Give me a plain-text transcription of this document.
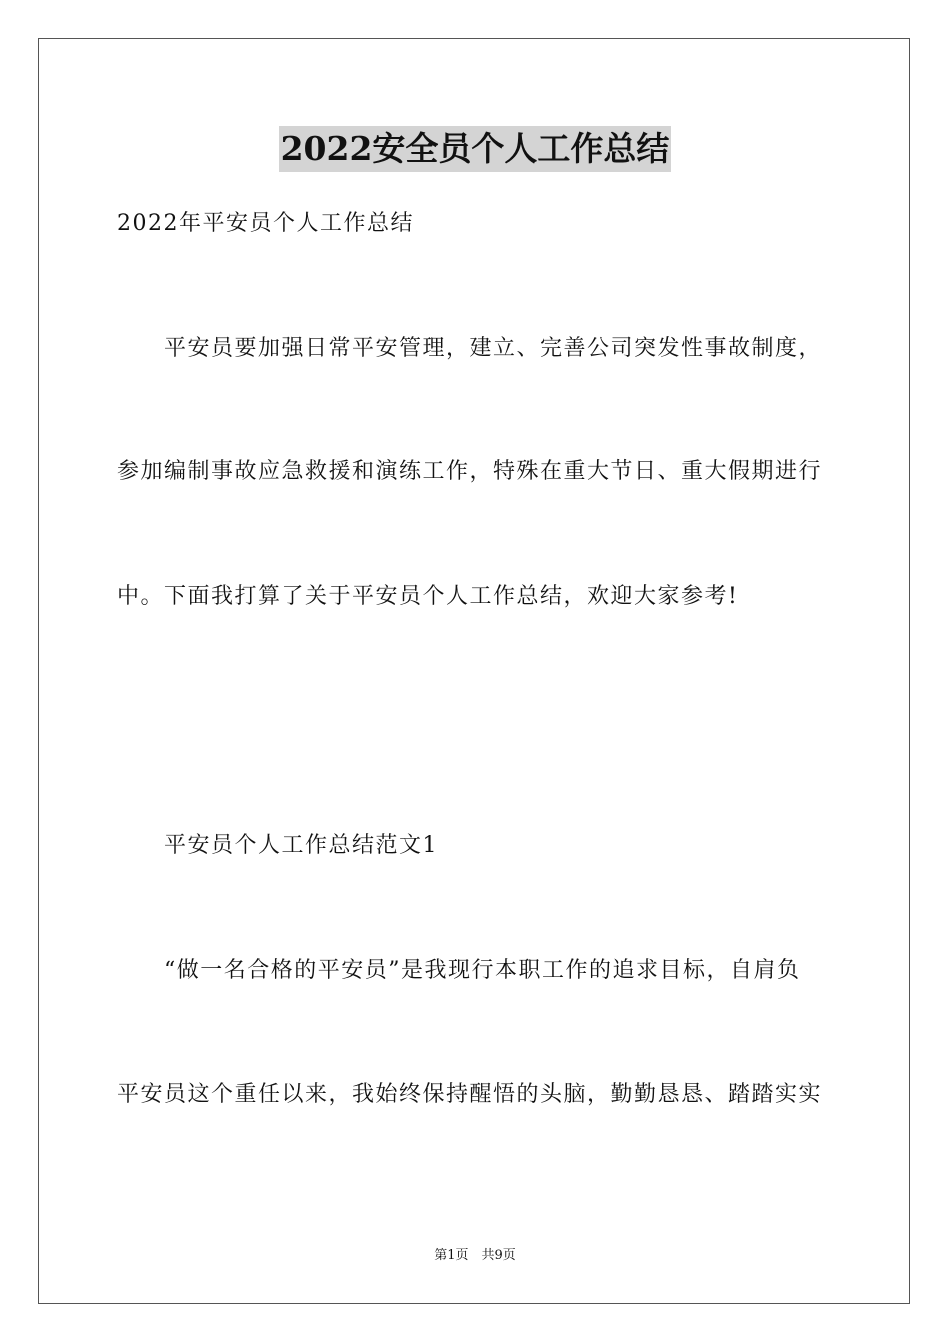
2022安全员个人工作总结
2022年平安员个人工作总结
平安员要加强日常平安管理，建立、完善公司突发性事故制度，
参加编制事故应急救援和演练工作，特殊在重大节日、重大假期进行
中。下面我打算了关于平安员个人工作总结，欢迎大家参考!
平安员个人工作总结范文1
“做一名合格的平安员”是我现行本职工作的追求目标，自肩负
平安员这个重任以来，我始终保持醒悟的头脑，勤勤恳恳、踏踏实实
第1页　共9页
